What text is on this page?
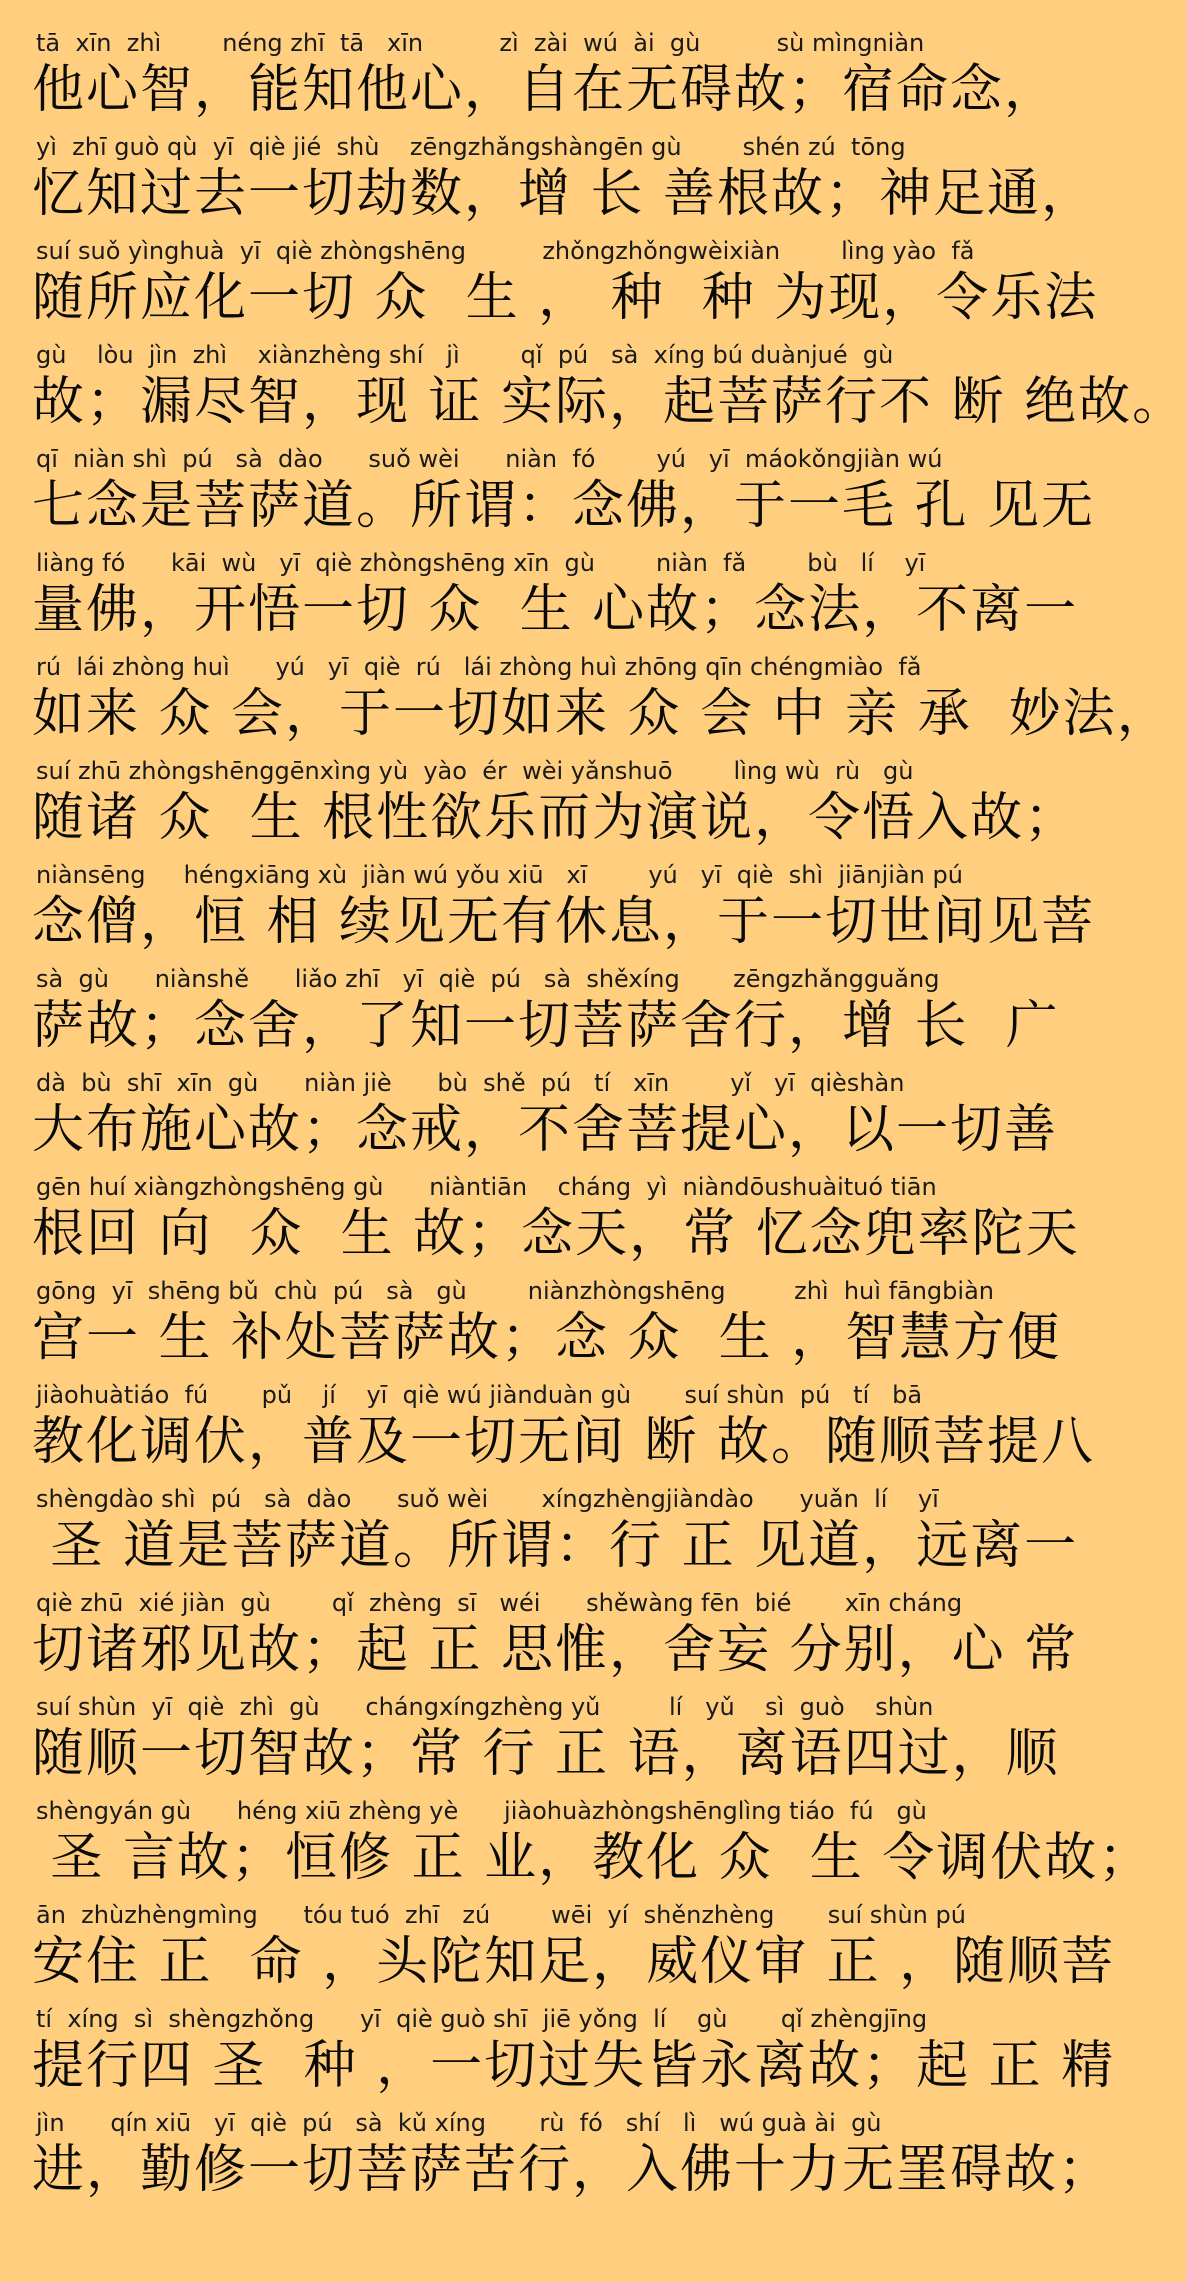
tā  xīn  zhì        néng zhī  tā   xīn          zì  zài  wú  ài  gù          sù mìngniàn
他心智，能知他心，自在无碍故；宿命念，
yì  zhī guò qù  yī  qiè jié  shù    zēngzhǎngshàngēn gù        shén zú  tōng
忆知过去一切劫数，增 长 善根故；神足通，
suí suǒ yìnghuà  yī  qiè zhòngshēng          zhǒngzhǒngwèixiàn        lìng yào  fǎ
随所应化一切 众  生 ， 种  种 为现，令乐法
gù    lòu  jìn  zhì    xiànzhèng shí   jì        qǐ  pú   sà  xíng bú duànjué  gù
故；漏尽智，现 证 实际，起菩萨行不 断 绝故。
qī  niàn shì  pú   sà  dào      suǒ wèi      niàn  fó        yú   yī  máokǒngjiàn wú
七念是菩萨道。所谓：念佛，于一毛 孔 见无
liàng fó      kāi  wù   yī  qiè zhòngshēng xīn  gù        niàn  fǎ        bù   lí    yī
量佛，开悟一切 众  生 心故；念法，不离一
rú  lái zhòng huì      yú   yī  qiè  rú   lái zhòng huì zhōng qīn chéngmiào  fǎ
如来 众 会，于一切如来 众 会 中 亲 承  妙法，
suí zhū zhòngshēnggēnxìng yù  yào  ér  wèi yǎnshuō        lìng wù  rù   gù
随诸 众  生 根性欲乐而为演说，令悟入故；
niànsēng     héngxiāng xù  jiàn wú yǒu xiū   xī        yú   yī  qiè  shì  jiānjiàn pú
念僧，恒 相 续见无有休息，于一切世间见菩
sà  gù      niànshě      liǎo zhī   yī  qiè  pú   sà  shěxíng       zēngzhǎngguǎng
萨故；念舍，了知一切菩萨舍行，增 长  广
dà  bù  shī  xīn  gù      niàn jiè      bù  shě  pú   tí   xīn        yǐ   yī  qièshàn
大布施心故；念戒，不舍菩提心，以一切善
gēn huí xiàngzhòngshēng gù      niàntiān    cháng  yì  niàndōushuàituó tiān
根回 向  众  生 故；念天，常 忆念兜率陀天
gōng  yī  shēng bǔ  chù  pú   sà   gù        niànzhòngshēng         zhì  huì fāngbiàn
宫一 生 补处菩萨故；念 众  生 ，智慧方便
jiàohuàtiáo  fú       pǔ    jí    yī  qiè wú jiànduàn gù       suí shùn  pú   tí   bā
教化调伏，普及一切无间 断 故。随顺菩提八
shèngdào shì  pú   sà  dào      suǒ wèi       xíngzhèngjiàndào      yuǎn  lí    yī
圣 道是菩萨道。所谓：行 正 见道，远离一
qiè zhū  xié jiàn  gù        qǐ  zhèng  sī   wéi      shěwàng fēn  bié       xīn cháng
切诸邪见故；起 正 思惟，舍妄 分别，心 常
suí shùn  yī  qiè  zhì  gù      chángxíngzhèng yǔ         lí   yǔ    sì  guò    shùn
随顺一切智故；常 行 正 语，离语四过，顺
shèngyán gù      héng xiū zhèng yè      jiàohuàzhòngshēnglìng tiáo  fú   gù
圣 言故；恒修 正 业，教化 众  生 令调伏故；
ān  zhùzhèngmìng      tóu tuó  zhī   zú        wēi  yí  shěnzhèng       suí shùn pú
安住 正  命 ，头陀知足，威仪审 正 ，随顺菩
tí  xíng  sì  shèngzhǒng      yī  qiè guò shī  jiē yǒng  lí    gù       qǐ zhèngjīng
提行四 圣  种 ，一切过失皆永离故；起 正 精
jìn      qín xiū   yī  qiè  pú   sà  kǔ xíng       rù  fó   shí   lì   wú guà ài  gù
进，勤修一切菩萨苦行，入佛十力无罣碍故；
